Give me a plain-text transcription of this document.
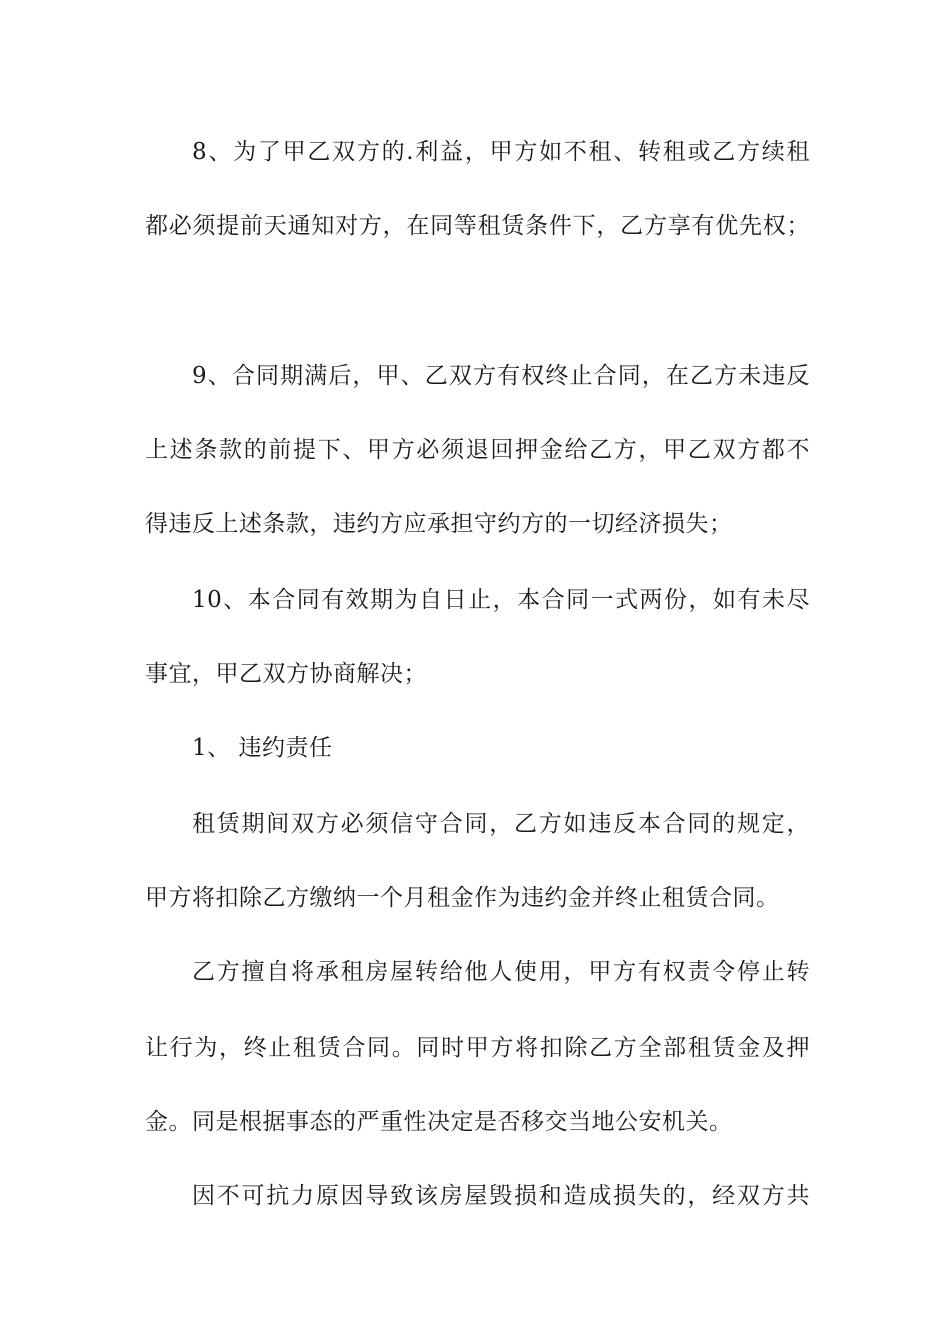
8、为了甲乙双方的.利益，甲方如不租、转租或乙方续租
都必须提前天通知对方，在同等租赁条件下，乙方享有优先权；
9、合同期满后，甲、乙双方有权终止合同，在乙方未违反
上述条款的前提下、甲方必须退回押金给乙方，甲乙双方都不
得违反上述条款，违约方应承担守约方的一切经济损失；
10、本合同有效期为自日止，本合同一式两份，如有未尽
事宜，甲乙双方协商解决；
1、 违约责任
租赁期间双方必须信守合同，乙方如违反本合同的规定，
甲方将扣除乙方缴纳一个月租金作为违约金并终止租赁合同。
乙方擅自将承租房屋转给他人使用，甲方有权责令停止转
让行为，终止租赁合同。同时甲方将扣除乙方全部租赁金及押
金。同是根据事态的严重性决定是否移交当地公安机关。
因不可抗力原因导致该房屋毁损和造成损失的，经双方共
